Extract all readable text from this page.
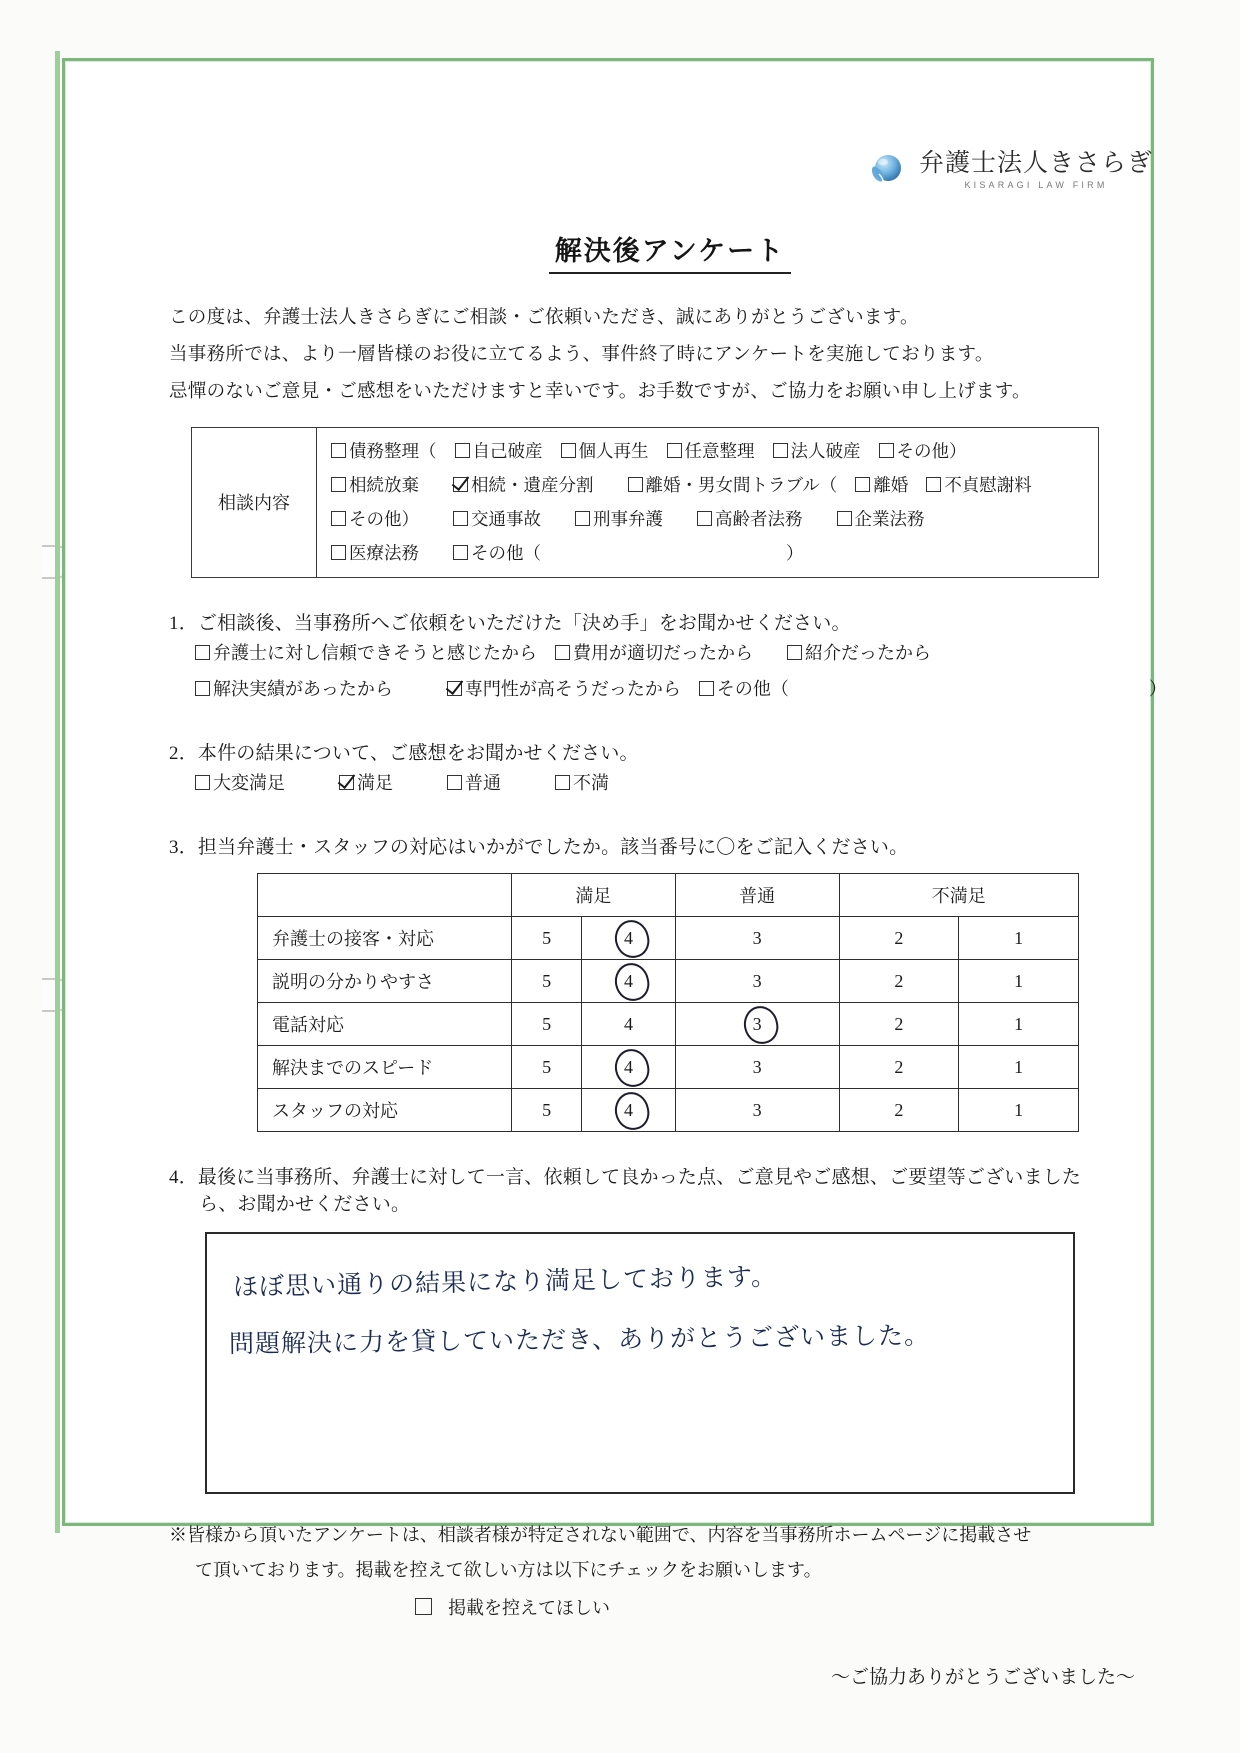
弁護士法人きさらぎ
KISARAGI LAW FIRM
解決後アンケート
この度は、弁護士法人きさらぎにご相談・ご依頼いただき、誠にありがとうございます。
当事務所では、より一層皆様のお役に立てるよう、事件終了時にアンケートを実施しております。
忌憚のないご意見・ご感想をいただけますと幸いです。お手数ですが、ご協力をお願い申し上げます。
相談内容	
債務整理（ 自己破産 個人再生 任意整理 法人破産 その他）
相続放棄	相続・遺産分割	離婚・男女間トラブル（ 離婚 不貞慰謝料
その他）	交通事故	刑事弁護	高齢者法務	企業法務
医療法務	その他（　　　　　　　　　　　　　　）
1．ご相談後、当事務所へご依頼をいただけた「決め手」をお聞かせください。
弁護士に対し信頼できそうと感じたから 費用が適切だったから	紹介だったから
解決実績があったから	専門性が高そうだったから その他（　　　　　　　　　　　　　　　　　　　　）
2．本件の結果について、ご感想をお聞かせください。
大変満足	満足	普通	不満
3．担当弁護士・スタッフの対応はいかがでしたか。該当番号に〇をご記入ください。
	満足		普通	不満足	
弁護士の接客・対応	5	4	3	2	1
説明の分かりやすさ	5	4	3	2	1
電話対応	5	4	3	2	1
解決までのスピード	5	4	3	2	1
スタッフの対応	5	4	3	2	1
4．最後に当事務所、弁護士に対して一言、依頼して良かった点、ご意見やご感想、ご要望等ございました
ら、お聞かせください。
ほぼ思い通りの結果になり満足しております。
問題解決に力を貸していただき、ありがとうございました。
※皆様から頂いたアンケートは、相談者様が特定されない範囲で、内容を当事務所ホームページに掲載させ
て頂いております。掲載を控えて欲しい方は以下にチェックをお願いします。
掲載を控えてほしい
～ご協力ありがとうございました～
